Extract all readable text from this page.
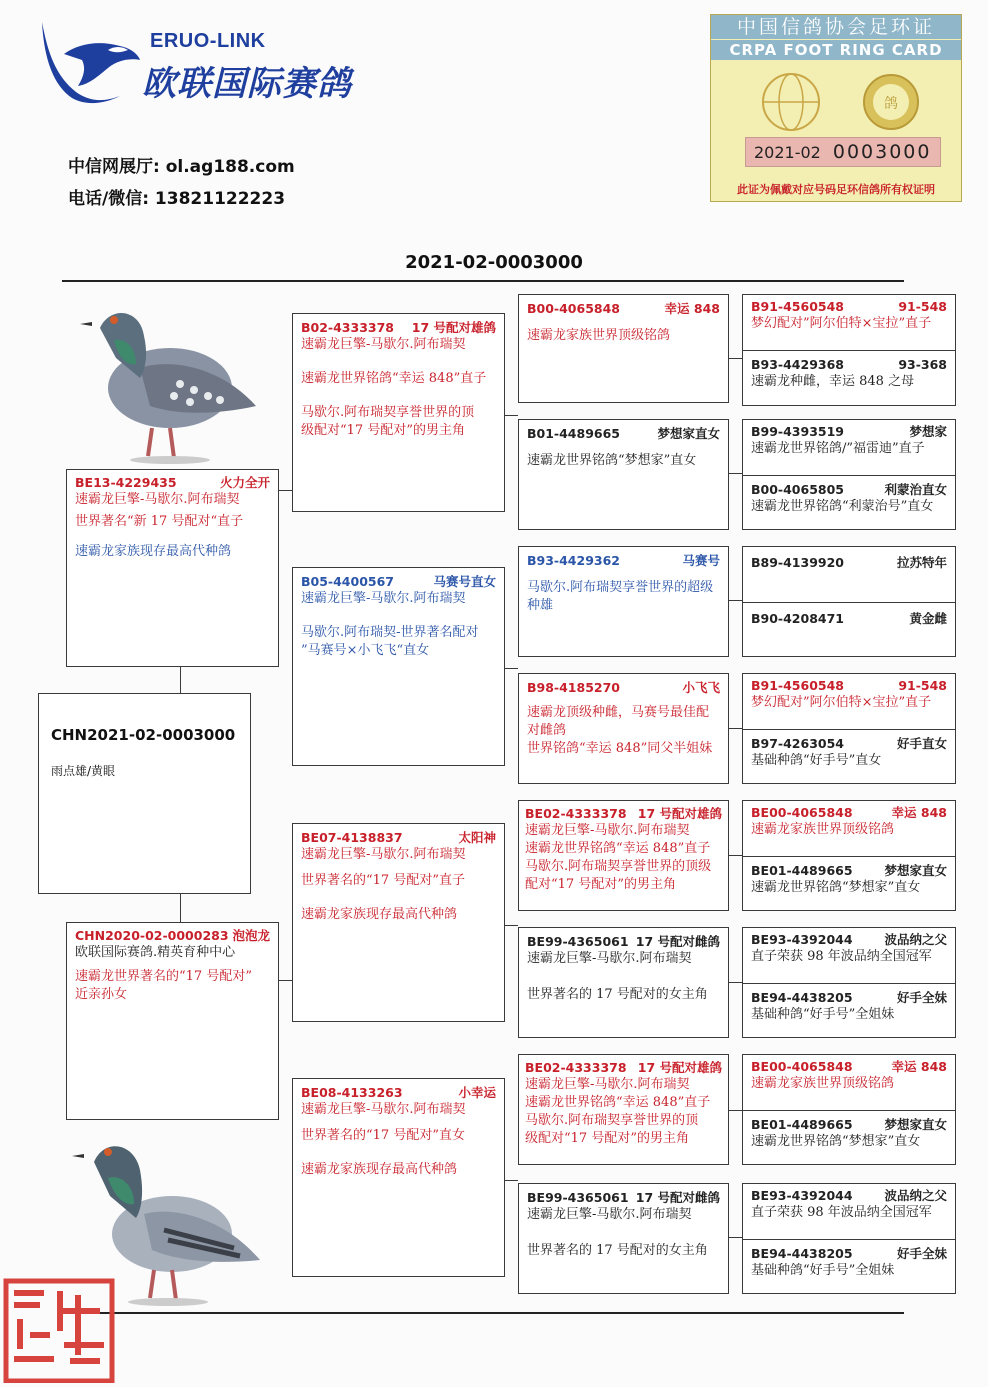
ERUO-LINK
欧联国际赛鸽
中信网展厅: ol.ag188.com
电话/微信: 13821122223
中国信鸽协会足环证
CRPA FOOT RING CARD
鸽
2021-02 0003000
此证为佩戴对应号码足环信鸽所有权证明
2021-02-0003000
CHN2021-02-0003000
雨点雄/黄眼
BE13-4229435	火力全开

速霸龙巨擎-马歇尔.阿布瑞契

世界著名“新 17 号配对“直子

速霸龙家族现存最高代种鸽

CHN2020-02-0000283 泡泡龙

欧联国际赛鸽.精英育种中心

速霸龙世界著名的“17 号配对”

近亲孙女

B02-4333378 17 号配对雄鸽

速霸龙巨擎-马歇尔.阿布瑞契

速霸龙世界铭鸽“幸运 848”直子

马歇尔.阿布瑞契享誉世界的顶

级配对“17 号配对”的男主角

B05-4400567	马赛号直女

速霸龙巨擎-马歇尔.阿布瑞契

马歇尔.阿布瑞契-世界著名配对

”马赛号×小飞飞“直女

BE07-4138837	太阳神

速霸龙巨擎-马歇尔.阿布瑞契

世界著名的“17 号配对”直子

速霸龙家族现存最高代种鸽

BE08-4133263	小幸运

速霸龙巨擎-马歇尔.阿布瑞契

世界著名的“17 号配对”直女

速霸龙家族现存最高代种鸽

B00-4065848	幸运 848

速霸龙家族世界顶级铭鸽

B01-4489665	梦想家直女

速霸龙世界铭鸽“梦想家”直女

B93-4429362	马赛号

马歇尔.阿布瑞契享誉世界的超级

种雄

B98-4185270	小飞飞

速霸龙顶级种雌，马赛号最佳配

对雌鸽

世界铭鸽“幸运 848”同父半姐妹

BE02-4333378 17 号配对雄鸽

速霸龙巨擎-马歇尔.阿布瑞契

速霸龙世界铭鸽“幸运 848”直子

马歇尔.阿布瑞契享誉世界的顶级

配对“17 号配对”的男主角

BE99-4365061 17 号配对雌鸽

速霸龙巨擎-马歇尔.阿布瑞契

世界著名的 17 号配对的女主角

BE02-4333378 17 号配对雄鸽

速霸龙巨擎-马歇尔.阿布瑞契

速霸龙世界铭鸽“幸运 848”直子

马歇尔.阿布瑞契享誉世界的顶

级配对“17 号配对”的男主角

BE99-4365061 17 号配对雌鸽

速霸龙巨擎-马歇尔.阿布瑞契

世界著名的 17 号配对的女主角

B91-4560548	91-548

梦幻配对”阿尔伯特×宝拉”直子

B93-4429368	93-368

速霸龙种雌，幸运 848 之母

B99-4393519	梦想家

速霸龙世界铭鸽/”福雷迪”直子

B00-4065805	利蒙治直女

速霸龙世界铭鸽“利蒙治号”直女

B89-4139920	拉苏特年
B90-4208471	黄金雌
B91-4560548	91-548

梦幻配对”阿尔伯特×宝拉”直子

B97-4263054	好手直女

基础种鸽“好手号”直女

BE00-4065848	幸运 848

速霸龙家族世界顶级铭鸽

BE01-4489665	梦想家直女

速霸龙世界铭鸽“梦想家”直女

BE93-4392044	波品纳之父

直子荣获 98 年波品纳全国冠军

BE94-4438205	好手全妹

基础种鸽“好手号”全姐妹

BE00-4065848	幸运 848

速霸龙家族世界顶级铭鸽

BE01-4489665	梦想家直女

速霸龙世界铭鸽“梦想家”直女

BE93-4392044	波品纳之父

直子荣获 98 年波品纳全国冠军

BE94-4438205	好手全妹

基础种鸽“好手号”全姐妹
